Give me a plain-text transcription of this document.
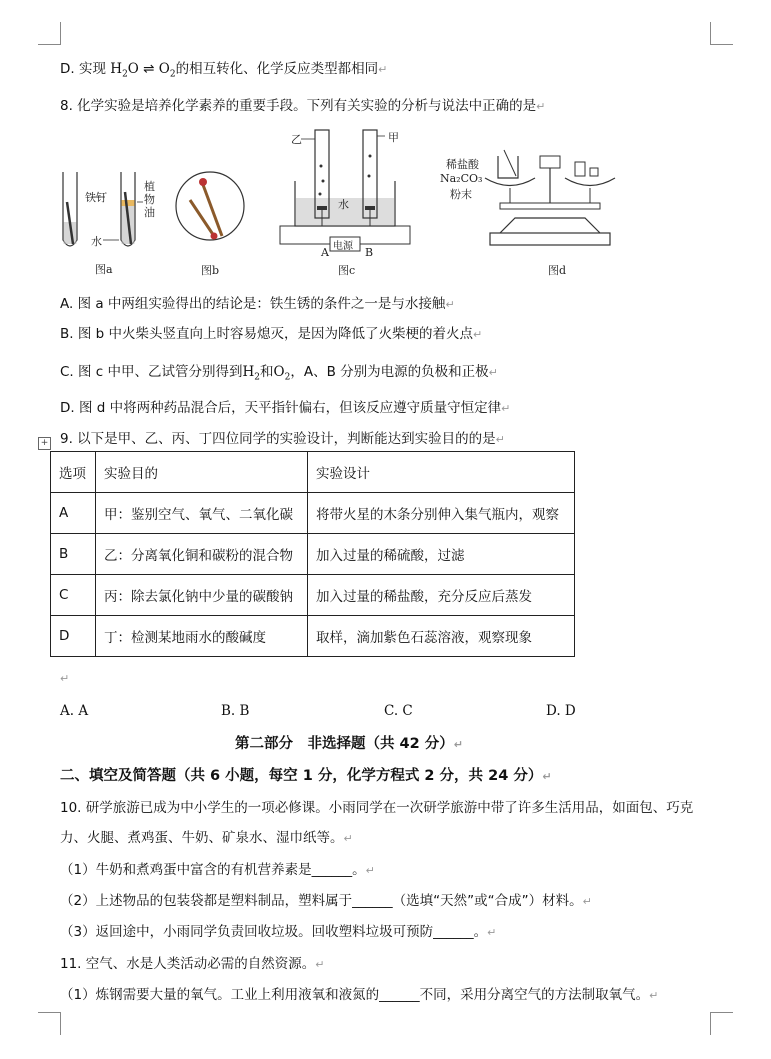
D. 实现 $H_2O$ ⇌ $O_2$的相互转化、化学反应类型都相同↵
8. 化学实验是培养化学素养的重要手段。下列有关实验的分析与说法中正确的是↵
铁钉
植物油
水
图a	图b
乙	甲
水
电源
A	B
图c
稀盐酸
Na₂CO₃
粉末
图d
A. 图 a 中两组实验得出的结论是：铁生锈的条件之一是与水接触↵
B. 图 b 中火柴头竖直向上时容易熄灭，是因为降低了火柴梗的着火点↵
C. 图 c 中甲、乙试管分别得到$H_2$和$O_2$，A、B 分别为电源的负极和正极↵
D. 图 d 中将两种药品混合后，天平指针偏右，但该反应遵守质量守恒定律↵
+ 9. 以下是甲、乙、丙、丁四位同学的实验设计，判断能达到实验目的的是↵
选项	实验目的	实验设计
A	甲：鉴别空气、氧气、二氧化碳	将带火星的木条分别伸入集气瓶内，观察
B	乙：分离氧化铜和碳粉的混合物	加入过量的稀硫酸，过滤
C	丙：除去氯化钠中少量的碳酸钠	加入过量的稀盐酸，充分反应后蒸发
D	丁：检测某地雨水的酸碱度	取样，滴加紫色石蕊溶液，观察现象
↵
A. A	B. B	C. C	D. D
第二部分　非选择题（共 42 分）↵
二、填空及简答题（共 6 小题，每空 1 分，化学方程式 2 分，共 24 分）↵
10. 研学旅游已成为中小学生的一项必修课。小雨同学在一次研学旅游中带了许多生活用品，如面包、巧克
力、火腿、煮鸡蛋、牛奶、矿泉水、湿巾纸等。↵
（1）牛奶和煮鸡蛋中富含的有机营养素是______。↵
（2）上述物品的包装袋都是塑料制品，塑料属于______（选填“天然”或“合成”）材料。↵
（3）返回途中，小雨同学负责回收垃圾。回收塑料垃圾可预防______。↵
11. 空气、水是人类活动必需的自然资源。↵
（1）炼钢需要大量的氧气。工业上利用液氧和液氮的______不同，采用分离空气的方法制取氧气。↵
